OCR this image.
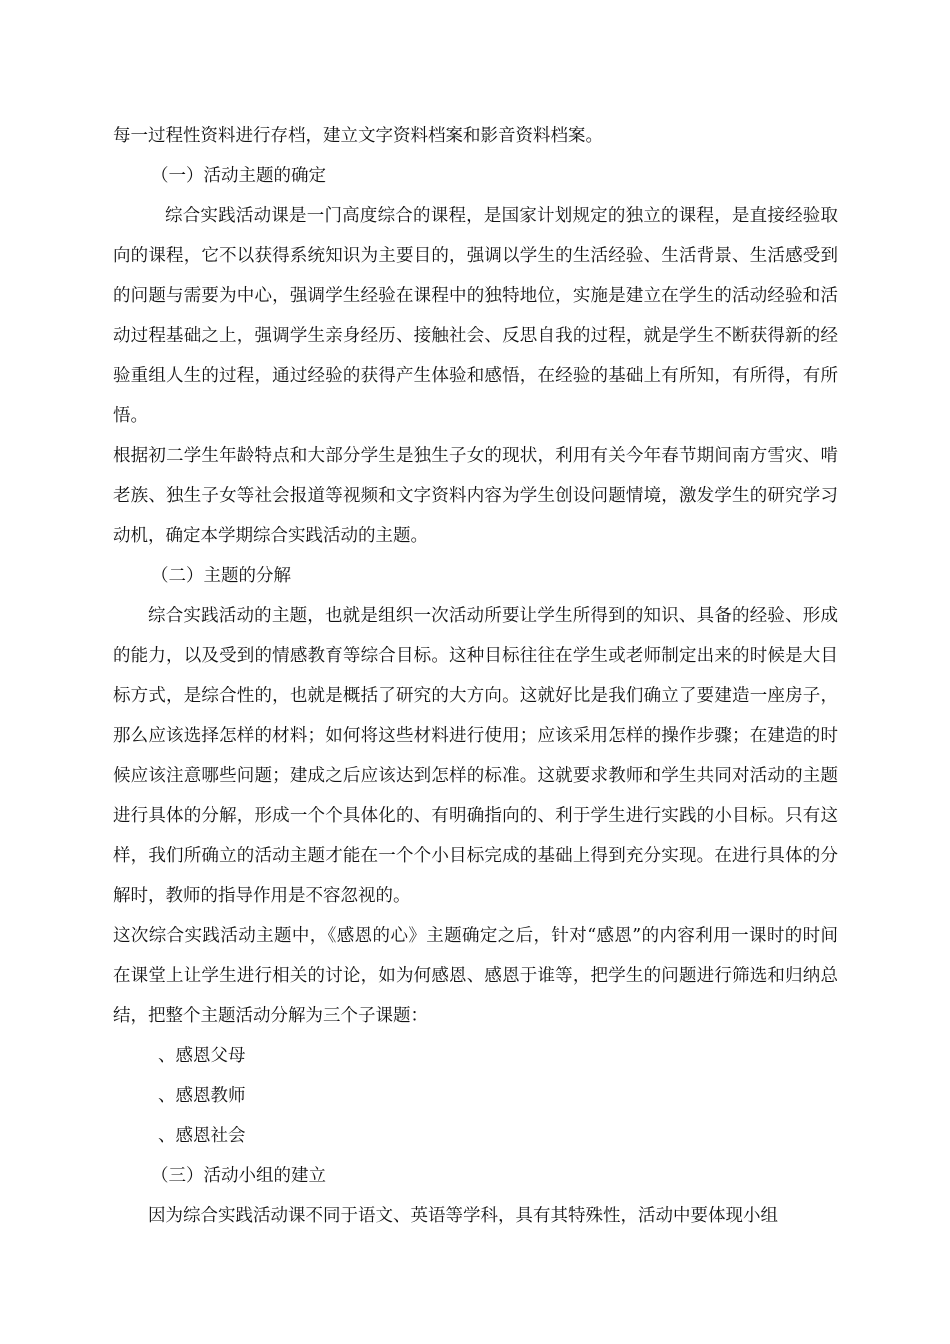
每一过程性资料进行存档，建立文字资料档案和影音资料档案。

（一）活动主题的确定

综合实践活动课是一门高度综合的课程，是国家计划规定的独立的课程，是直接经验取向的课程，它不以获得系统知识为主要目的，强调以学生的生活经验、生活背景、生活感受到的问题与需要为中心，强调学生经验在课程中的独特地位，实施是建立在学生的活动经验和活动过程基础之上，强调学生亲身经历、接触社会、反思自我的过程，就是学生不断获得新的经验重组人生的过程，通过经验的获得产生体验和感悟，在经验的基础上有所知，有所得，有所悟。

根据初二学生年龄特点和大部分学生是独生子女的现状，利用有关今年春节期间南方雪灾、啃老族、独生子女等社会报道等视频和文字资料内容为学生创设问题情境，激发学生的研究学习动机，确定本学期综合实践活动的主题。

（二）主题的分解

综合实践活动的主题，也就是组织一次活动所要让学生所得到的知识、具备的经验、形成的能力，以及受到的情感教育等综合目标。这种目标往往在学生或老师制定出来的时候是大目标方式，是综合性的，也就是概括了研究的大方向。这就好比是我们确立了要建造一座房子，那么应该选择怎样的材料；如何将这些材料进行使用；应该采用怎样的操作步骤；在建造的时候应该注意哪些问题；建成之后应该达到怎样的标准。这就要求教师和学生共同对活动的主题进行具体的分解，形成一个个具体化的、有明确指向的、利于学生进行实践的小目标。只有这样，我们所确立的活动主题才能在一个个小目标完成的基础上得到充分实现。在进行具体的分解时，教师的指导作用是不容忽视的。

这次综合实践活动主题中，《感恩的心》主题确定之后，针对“感恩”的内容利用一课时的时间在课堂上让学生进行相关的讨论，如为何感恩、感恩于谁等，把学生的问题进行筛选和归纳总结，把整个主题活动分解为三个子课题：

、感恩父母

、感恩教师

、感恩社会

（三）活动小组的建立

因为综合实践活动课不同于语文、英语等学科，具有其特殊性，活动中要体现小组
